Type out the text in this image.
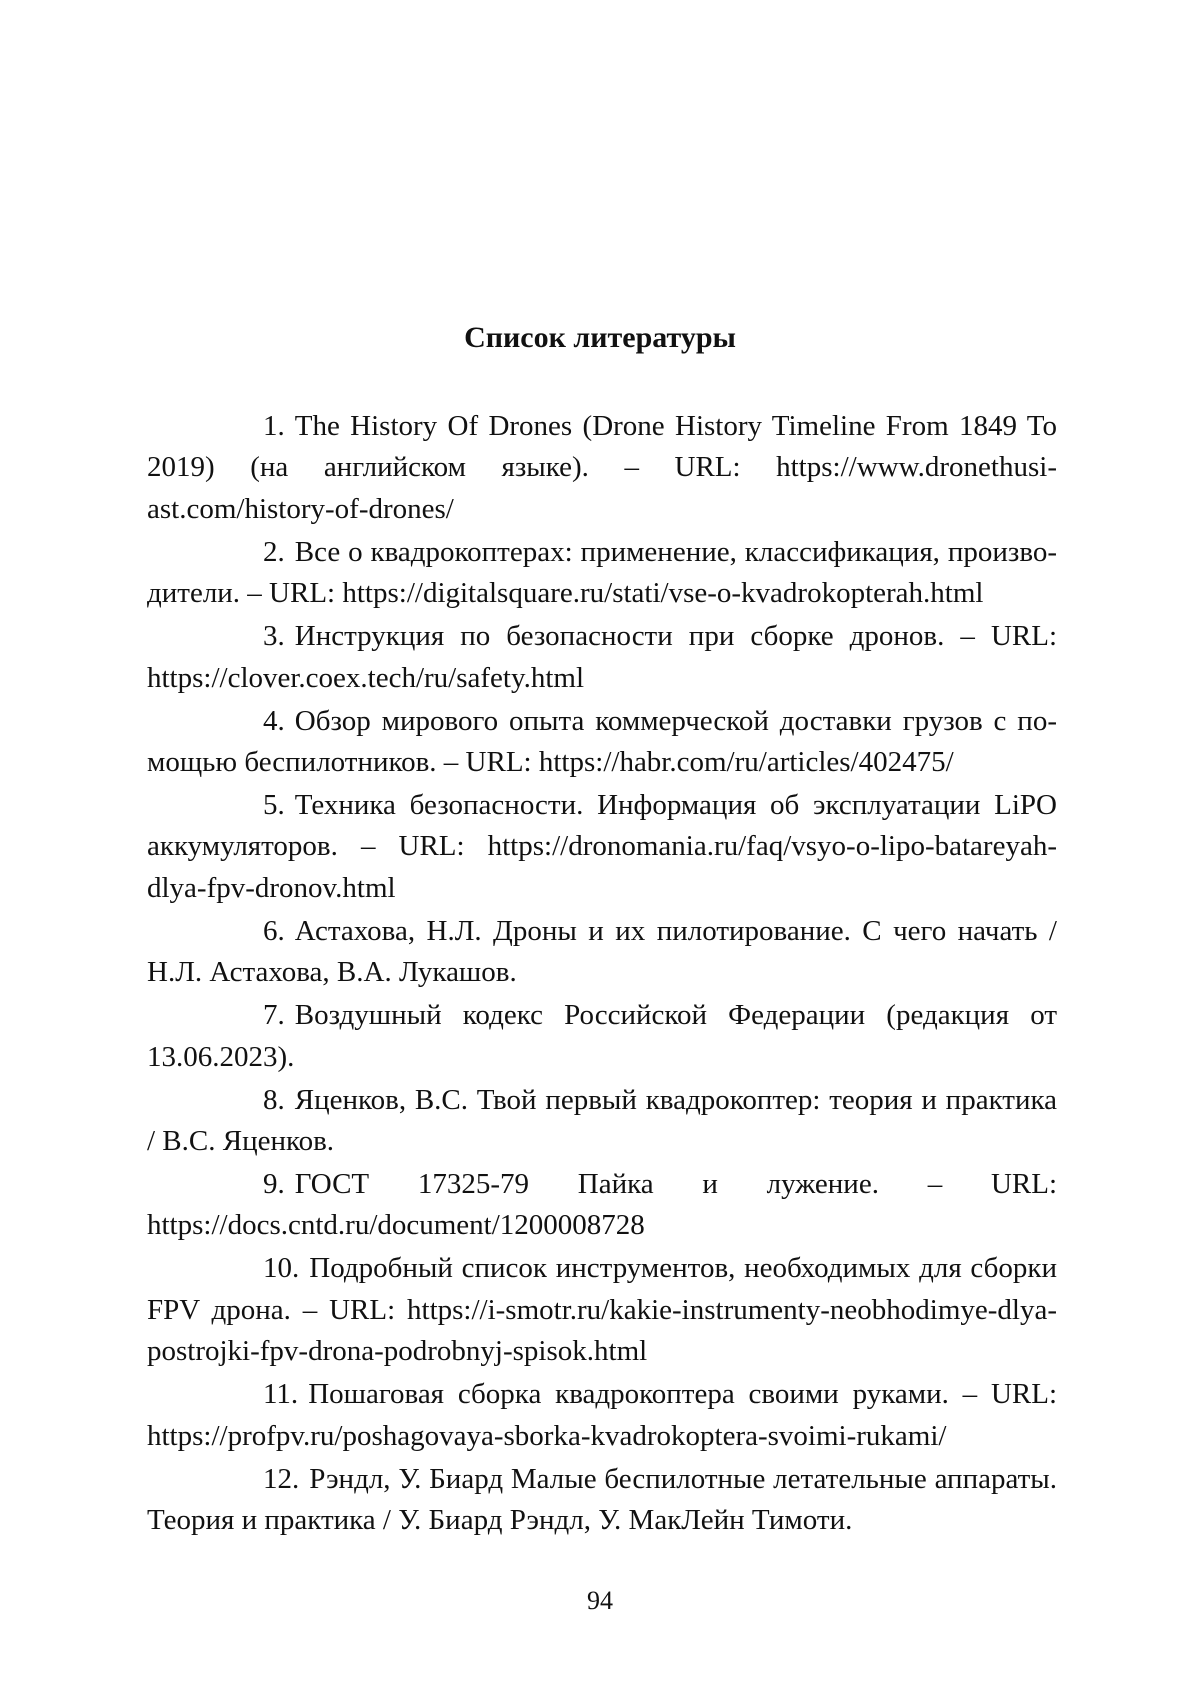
Список литературы
1. The History Of Drones (Drone History Timeline From 1849 To 2019) (на английском языке). – URL: https://www.dronethusiast.com/history-of-drones/
2. Все о квадрокоптерах: применение, классификация, производители. – URL: https://digitalsquare.ru/stati/vse-o-kvadrokopterah.html
3. Инструкция по безопасности при сборке дронов. – URL: https://clover.coex.tech/ru/safety.html
4. Обзор мирового опыта коммерческой доставки грузов с помощью беспилотников. – URL: https://habr.com/ru/articles/402475/
5. Техника безопасности. Информация об эксплуатации LiPO аккумуляторов. – URL: https://dronomania.ru/faq/vsyo-o-lipo-batareyah-dlya-fpv-dronov.html
6. Астахова, Н.Л. Дроны и их пилотирование. С чего начать / Н.Л. Астахова, В.А. Лукашов.
7. Воздушный кодекс Российской Федерации (редакция от 13.06.2023).
8. Яценков, В.С. Твой первый квадрокоптер: теория и практика / В.С. Яценков.
9. ГОСТ 17325-79 Пайка и лужение. – URL: https://docs.cntd.ru/document/1200008728
10. Подробный список инструментов, необходимых для сборки FPV дрона. – URL: https://i-smotr.ru/kakie-instrumenty-neobhodimye-dlya-postrojki-fpv-drona-podrobnyj-spisok.html
11. Пошаговая сборка квадрокоптера своими руками. – URL: https://profpv.ru/poshagovaya-sborka-kvadrokoptera-svoimi-rukami/
12. Рэндл, У. Биард Малые беспилотные летательные аппараты. Теория и практика / У. Биард Рэндл, У. МакЛейн Тимоти.

94
